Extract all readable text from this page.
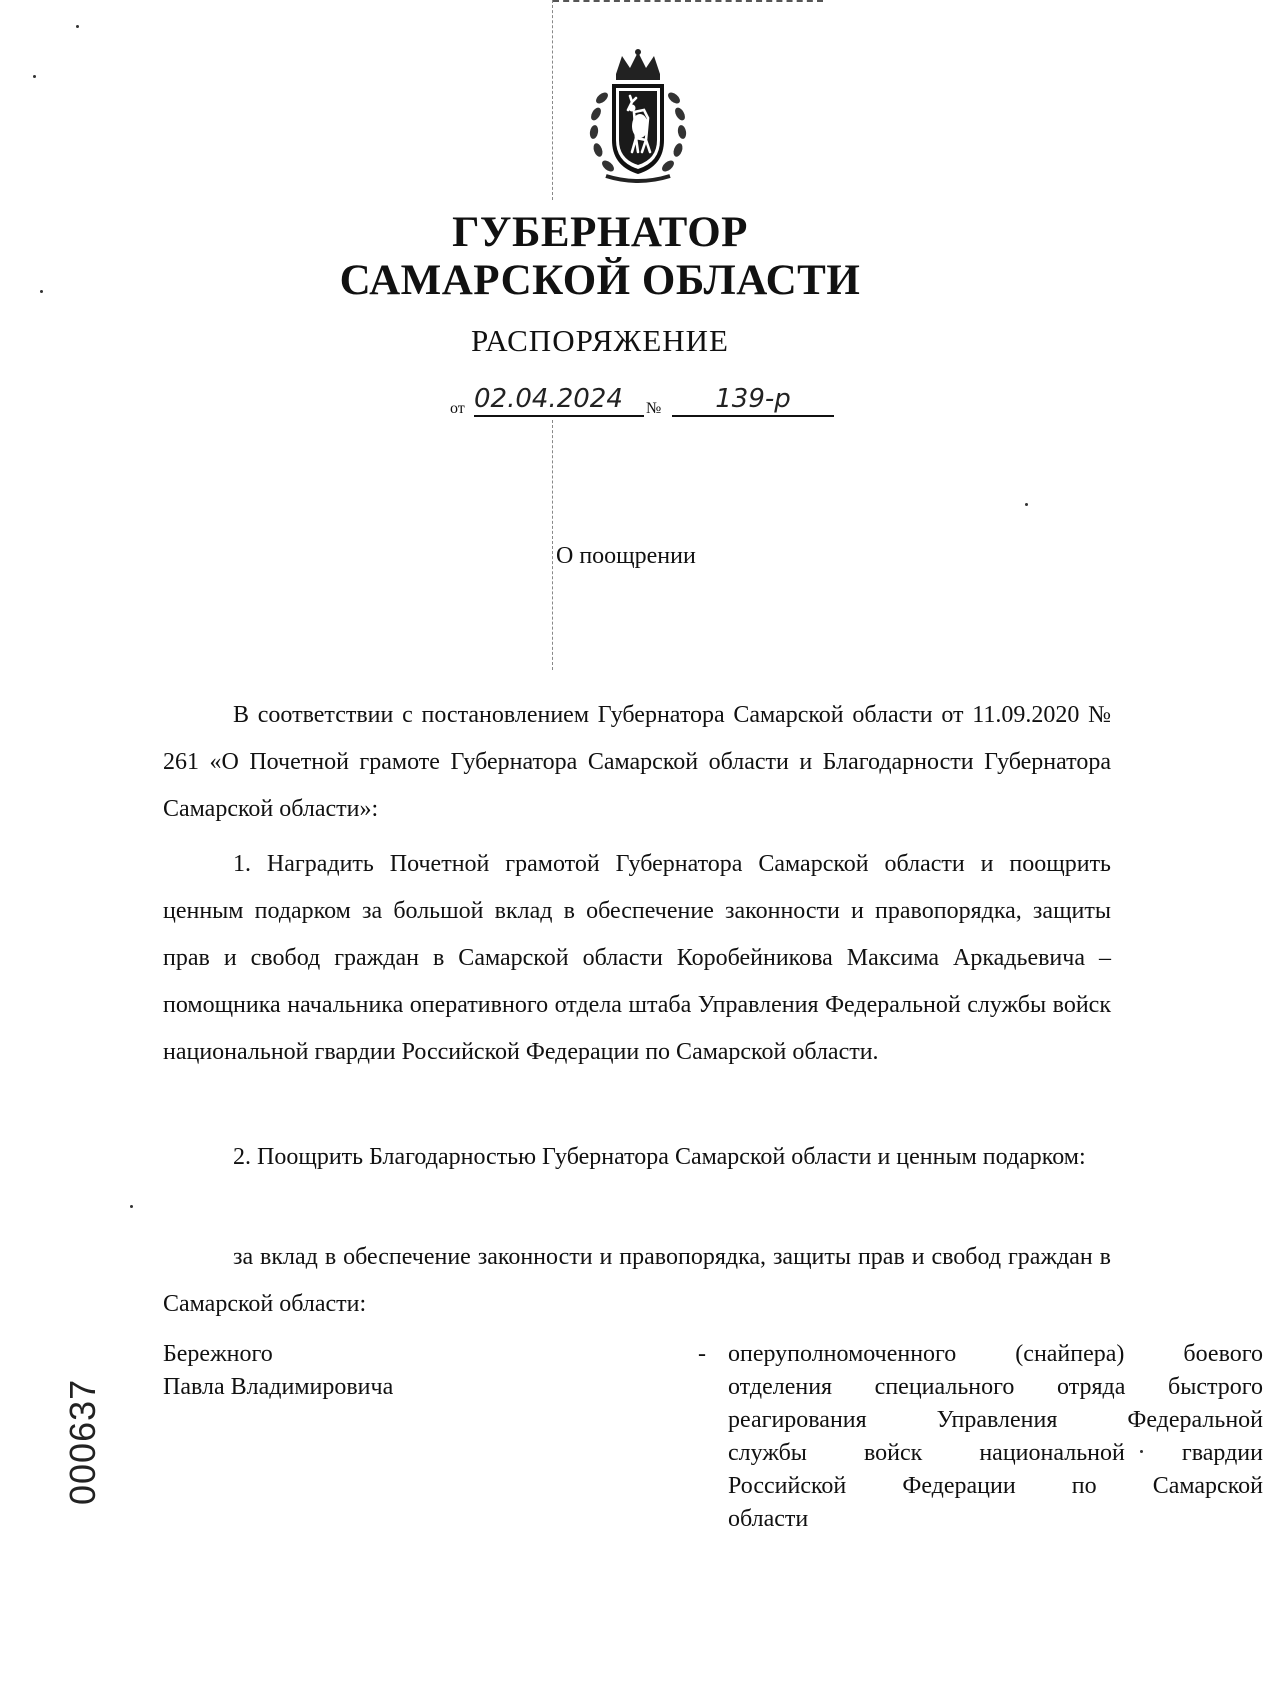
ГУБЕРНАТОР
САМАРСКОЙ ОБЛАСТИ
РАСПОРЯЖЕНИЕ
от 02.04.2024	№	139-р
О поощрении
В соответствии с постановлением Губернатора Самарской области от 11.09.2020 № 261 «О Почетной грамоте Губернатора Самарской области и Благодарности Губернатора Самарской области»:
1. Наградить Почетной грамотой Губернатора Самарской области и поощрить ценным подарком за большой вклад в обеспечение законности и правопорядка, защиты прав и свобод граждан в Самарской области Коробейникова Максима Аркадьевича – помощника начальника оперативного отдела штаба Управления Федеральной службы войск национальной гвардии Российской Федерации по Самарской области.
2. Поощрить Благодарностью Губернатора Самарской области и ценным подарком:
за вклад в обеспечение законности и правопорядка, защиты прав и свобод граждан в Самарской области:
Бережного
Павла Владимировича
- оперуполномоченного (снайпера) боевого
отделения специального отряда быстрого
реагирования Управления Федеральной
службы войск национальной гвардии
Российской Федерации по Самарской
области
000637
